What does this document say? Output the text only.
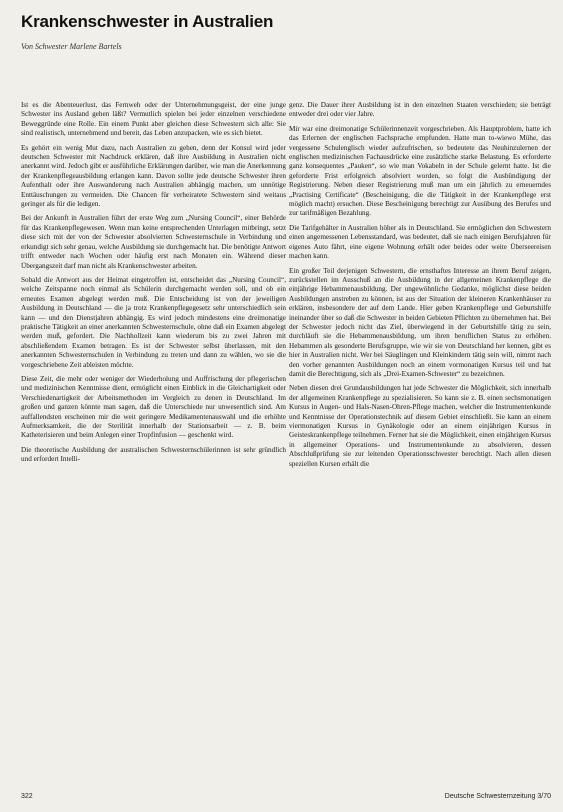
Krankenschwester in Australien

Von Schwester Marlene Bartels

Ist es die Abenteuerlust, das Fernweh oder der Unternehmungsgeist, der eine junge Schwester ins Ausland gehen läßt? Vermutlich spielen bei jeder einzelnen verschiedene Beweggründe eine Rolle. Ein einem Punkt aber gleichen diese Schwestern sich alle: Sie sind realistisch, unternehmend und bereit, das Leben anzupacken, wie es sich bietet.

Es gehört ein wenig Mut dazu, nach Australien zu gehen, denn der Konsul wird jeder deutschen Schwester mit Nachdruck erklären, daß ihre Ausbildung in Australien nicht anerkannt wird. Jedoch gibt er ausführliche Erklärungen darüber, wie man die Anerkennung der Krankenpflegeausbildung erlangen kann. Davon sollte jede deutsche Schwester ihren Aufenthalt oder ihre Auswanderung nach Australien abhängig machen, um unnötige Enttäuschungen zu vermeiden. Die Chancen für verheiratete Schwestern sind weitaus geringer als für die ledigen.

Bei der Ankunft in Australien führt der erste Weg zum „Nursing Council“, einer Behörde für das Krankenpflegewesen. Wenn man keine entsprechenden Unterlagen mitbringt, setzt diese sich mit der von der Schwester absolvierten Schwesternschule in Verbindung und erkundigt sich sehr genau, welche Ausbildung sie durchgemacht hat. Die benötigte Antwort trifft entweder nach Wochen oder häufig erst nach Monaten ein. Während dieser Übergangszeit darf man nicht als Krankenschwester arbeiten.

Sobald die Antwort aus der Heimat eingetroffen ist, entscheidet das „Nursing Council“, welche Zeitspanne noch einmal als Schülerin durchgemacht werden soll, und ob ein erneutes Examen abgelegt werden muß. Die Entscheidung ist von der jeweiligen Ausbildung in Deutschland — die ja trotz Krankenpflegegesetz sehr unterschiedlich sein kann — und den Dienstjahren abhängig. Es wird jedoch mindestens eine dreimonatige praktische Tätigkeit an einer anerkannten Schwesternschule, ohne daß ein Examen abgelegt werden muß, gefordert. Die Nachhollzeit kann wiederum bis zu zwei Jahren mit abschließendem Examen betragen. Es ist der Schwester selbst überlassen, mit den anerkannten Schwesternschulen in Verbindung zu treten und dann zu wählen, wo sie die vorgeschriebene Zeit ableisten möchte.

Diese Zeit, die mehr oder weniger der Wiederholung und Auffrischung der pflegerischen und medizinischen Kenntnisse dient, ermöglicht einen Einblick in die Gleichartigkeit oder Verschiedenartigkeit der Arbeitsmethoden im Vergleich zu denen in Deutschland. Im großen und ganzen könnte man sagen, daß die Unterschiede nur unwesentlich sind. Am auffallendsten erscheinen mir die weit geringere Medikamentenauswahl und die erhöhte Aufmerksamkeit, die der Sterilität innerhalb der Stationsarbeit — z. B. beim Katheterisieren und beim Anlegen einer Tropfinfusion — geschenkt wird.

Die theoretische Ausbildung der australischen Schwesternschülerinnen ist sehr gründlich und erfordert Intelli-

genz. Die Dauer ihrer Ausbildung ist in den einzelnen Staaten verschieden; sie beträgt entweder drei oder vier Jahre.

Mir war eine dreimonatige Schülerinnenzeit vorgeschrieben. Als Hauptproblem, hatte ich das Erlernen der englischen Fachsprache empfunden. Hatte man to-wiewo Mühe, das vergessene Schulenglisch wieder aufzufrischen, so bedeutete das Neuhinzulernen der englischen medizinischen Fachausdrücke eine zusätzliche starke Belastung. Es erforderte ganz konsequentes „Pauken“, so wie man Vokabeln in der Schule gelernt hatte. Ist die geforderte Frist erfolgreich absolviert worden, so folgt die Ausbündigung der Registrierung. Neben dieser Registrierung muß man um ein jährlich zu erneuerndes „Practising Certificate“ (Bescheinigung, die die Tätigkeit in der Krankenpflege erst möglich macht) ersuchen. Diese Bescheinigung berechtigt zur Ausübung des Berufes und zur tarifmäßigen Bezahlung.

Die Tarifgehälter in Australien höher als in Deutschland. Sie ermöglichen den Schwestern einen angemessenen Lebensstandard, was bedeutet, daß sie nach einigen Berufsjahren für eigenes Auto fährt, eine eigene Wohnung erhält oder beides oder weite Überseereisen machen kann.

Ein großer Teil derjenigen Schwestern, die ernsthaftes Interesse an ihrem Beruf zeigen, zurückstellen im Ausschuß an die Ausbildung in der allgemeinen Krankenpflege die einjährige Hebammenausbildung. Der ungewöhnliche Gedanke, möglichst diese beiden Ausbildungen anstreben zu können, ist aus der Situation der kleineren Krankenhäuser zu erklären, insbesondere der auf dem Lande. Hier geben Krankenpflege und Geburtshilfe ineinander über so daß die Schwester in beiden Gebieten Pflichten zu übernehmen hat. Bei der Schwester jedoch nicht das Ziel, überwiegend in der Geburtshilfe tätig zu sein, durchläuft sie die Hebammenausbildung, um ihren beruflichen Status zu erhöhen. Hebammen als gesonderte Berufsgruppe, wie wir sie von Deutschland her kennen, gibt es hier in Australien nicht. Wer bei Säuglingen und Kleinkindern tätig sein will, nimmt nach den vorher genannten Ausbildungen noch an einem vormonatigen Kursus teil und hat damit die Berechtigung, sich als „Drei-Examen-Schwester“ zu bezeichnen.

Neben diesen drei Grundausbildungen hat jede Schwester die Möglichkeit, sich innerhalb der allgemeinen Krankenpflege zu spezialisieren. So kann sie z. B. einen sechsmonatigen Kursus in Augen- und Hals-Nasen-Ohren-Pflege machen, welcher die Instrumentenkunde und Kenntnisse der Operationstechnik auf diesem Gebiet einschließt. Sie kann an einem viermonatigen Kursus in Gynäkologie oder an einem einjährigen Kursus in Geisteskrankenpflege teilnehmen. Ferner hat sie die Möglichkeit, einen einjährigen Kursus in allgemeiner Operations- und Instrumentenkunde zu absolvieren, dessen Abschlußprüfung sie zur leitenden Operationsschwester berechtigt. Nach allen diesen speziellen Kursen erhält die

322	Deutsche Schwesternzeitung 3/70
